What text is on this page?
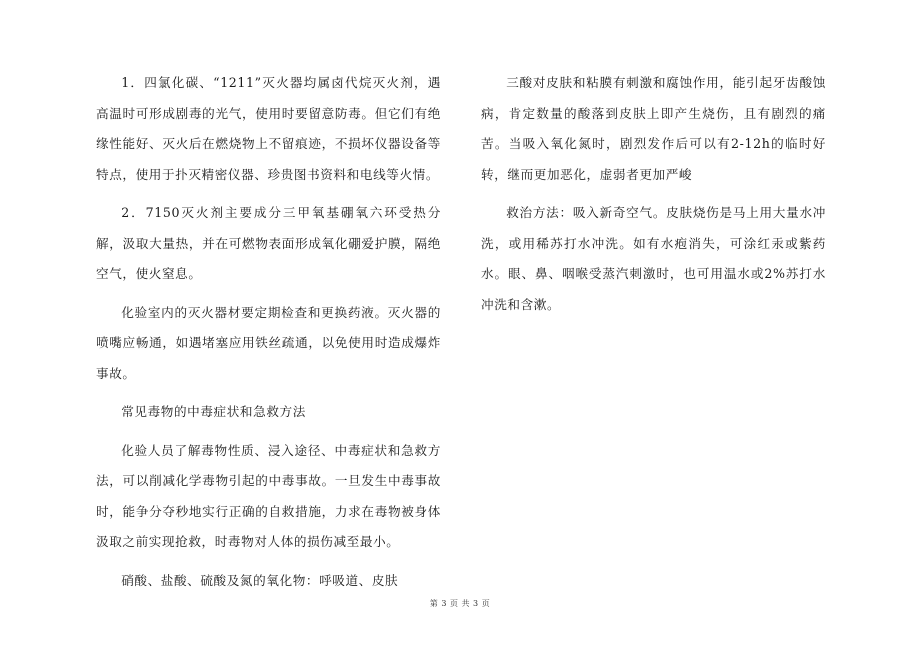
1．四氯化碳、“1211”灭火器均属卤代烷灭火剂，遇高温时可形成剧毒的光气，使用时要留意防毒。但它们有绝缘性能好、灭火后在燃烧物上不留痕迹，不损坏仪器设备等特点，使用于扑灭精密仪器、珍贵图书资料和电线等火情。

2．7150灭火剂主要成分三甲氧基硼氧六环受热分解，汲取大量热，并在可燃物表面形成氧化硼爱护膜，隔绝空气，使火窒息。

化验室内的灭火器材要定期检查和更换药液。灭火器的喷嘴应畅通，如遇堵塞应用铁丝疏通，以免使用时造成爆炸事故。

常见毒物的中毒症状和急救方法

化验人员了解毒物性质、浸入途径、中毒症状和急救方法，可以削减化学毒物引起的中毒事故。一旦发生中毒事故时，能争分夺秒地实行正确的自救措施，力求在毒物被身体汲取之前实现抢救，时毒物对人体的损伤减至最小。

硝酸、盐酸、硫酸及氮的氧化物：呼吸道、皮肤

三酸对皮肤和粘膜有刺激和腐蚀作用，能引起牙齿酸蚀病，肯定数量的酸落到皮肤上即产生烧伤，且有剧烈的痛苦。当吸入氧化氮时，剧烈发作后可以有2-12h的临时好转，继而更加恶化，虚弱者更加严峻

救治方法：吸入新奇空气。皮肤烧伤是马上用大量水冲洗，或用稀苏打水冲洗。如有水疱消失，可涂红汞或紫药水。眼、鼻、咽喉受蒸汽刺激时，也可用温水或2%苏打水冲洗和含漱。

第 3 页 共 3 页
